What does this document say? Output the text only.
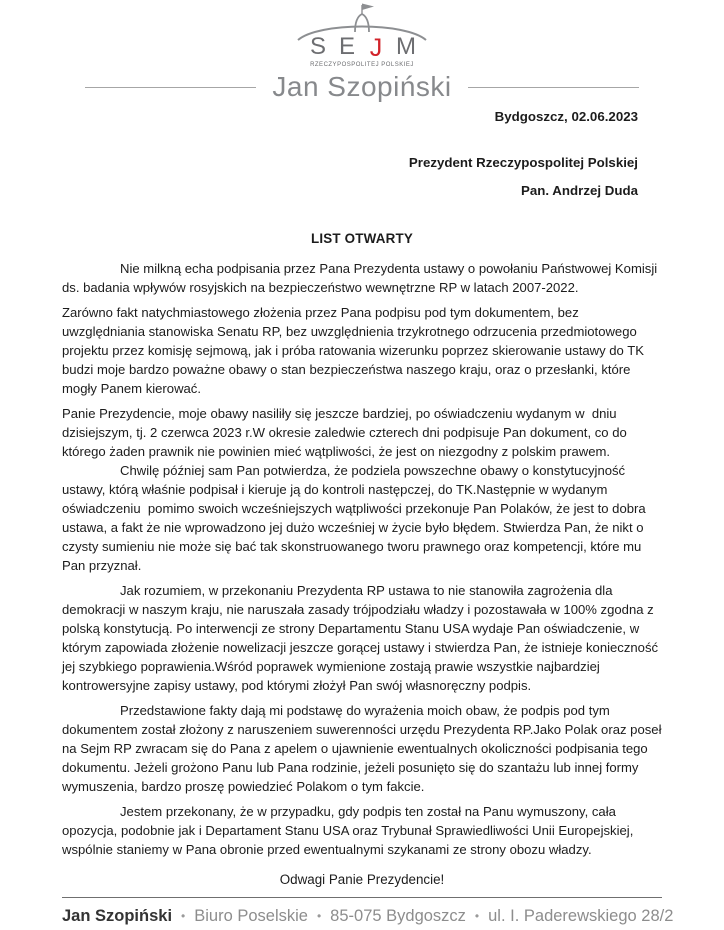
S E J M
RZECZYPOSPOLITEJ POLSKIEJ
Jan Szopiński
Bydgoszcz, 02.06.2023
Prezydent Rzeczypospolitej Polskiej
Pan. Andrzej Duda
LIST OTWARTY

Nie milkną echa podpisania przez Pana Prezydenta ustawy o powołaniu Państwowej Komisji ds. badania wpływów rosyjskich na bezpieczeństwo wewnętrzne RP w latach 2007-2022.

Zarówno fakt natychmiastowego złożenia przez Pana podpisu pod tym dokumentem, bez uwzględniania stanowiska Senatu RP, bez uwzględnienia trzykrotnego odrzucenia przedmiotowego projektu przez komisję sejmową, jak i próba ratowania wizerunku poprzez skierowanie ustawy do TK budzi moje bardzo poważne obawy o stan bezpieczeństwa naszego kraju, oraz o przesłanki, które mogły Panem kierować.

Panie Prezydencie, moje obawy nasiliły się jeszcze bardziej, po oświadczeniu wydanym w  dniu dzisiejszym, tj. 2 czerwca 2023 r.W okresie zaledwie czterech dni podpisuje Pan dokument, co do którego żaden prawnik nie powinien mieć wątpliwości, że jest on niezgodny z polskim prawem.

Chwilę później sam Pan potwierdza, że podziela powszechne obawy o konstytucyjność ustawy, którą właśnie podpisał i kieruje ją do kontroli następczej, do TK.Następnie w wydanym oświadczeniu  pomimo swoich wcześniejszych wątpliwości przekonuje Pan Polaków, że jest to dobra ustawa, a fakt że nie wprowadzono jej dużo wcześniej w życie było błędem. Stwierdza Pan, że nikt o czysty sumieniu nie może się bać tak skonstruowanego tworu prawnego oraz kompetencji, które mu Pan przyznał.

Jak rozumiem, w przekonaniu Prezydenta RP ustawa to nie stanowiła zagrożenia dla demokracji w naszym kraju, nie naruszała zasady trójpodziału władzy i pozostawała w 100% zgodna z polską konstytucją. Po interwencji ze strony Departamentu Stanu USA wydaje Pan oświadczenie, w którym zapowiada złożenie nowelizacji jeszcze gorącej ustawy i stwierdza Pan, że istnieje konieczność jej szybkiego poprawienia.Wśród poprawek wymienione zostają prawie wszystkie najbardziej kontrowersyjne zapisy ustawy, pod którymi złożył Pan swój własnoręczny podpis.

Przedstawione fakty dają mi podstawę do wyrażenia moich obaw, że podpis pod tym dokumentem został złożony z naruszeniem suwerenności urzędu Prezydenta RP.Jako Polak oraz poseł na Sejm RP zwracam się do Pana z apelem o ujawnienie ewentualnych okoliczności podpisania tego dokumentu. Jeżeli grożono Panu lub Pana rodzinie, jeżeli posunięto się do szantażu lub innej formy wymuszenia, bardzo proszę powiedzieć Polakom o tym fakcie.

Jestem przekonany, że w przypadku, gdy podpis ten został na Panu wymuszony, cała opozycja, podobnie jak i Departament Stanu USA oraz Trybunał Sprawiedliwości Unii Europejskiej, wspólnie staniemy w Pana obronie przed ewentualnymi szykanami ze strony obozu władzy.

Odwagi Panie Prezydencie!

Jan Szopiński • Biuro Poselskie • 85-075 Bydgoszcz • ul. I. Paderewskiego 28/2
